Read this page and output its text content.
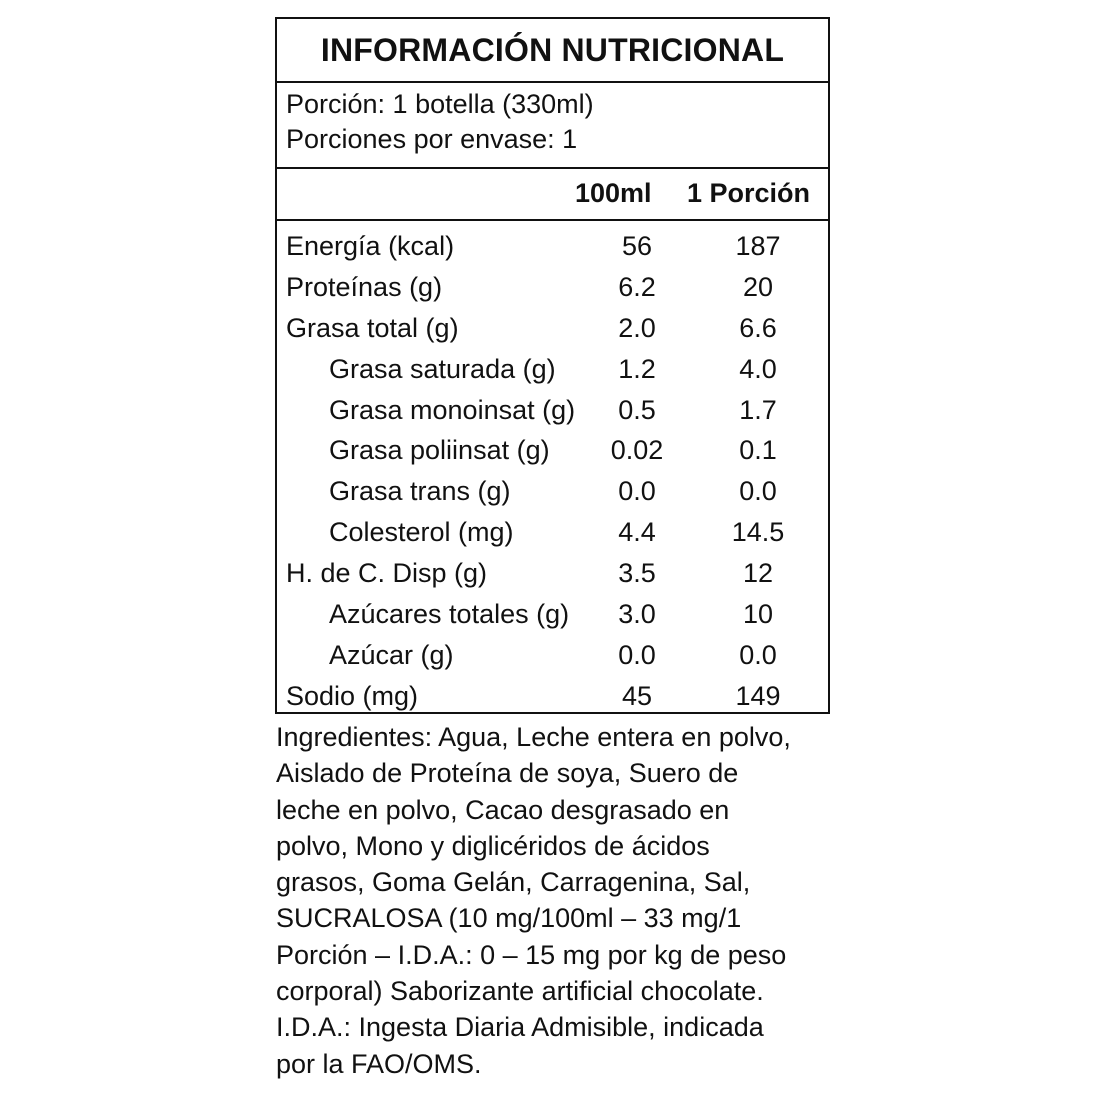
INFORMACIÓN NUTRICIONAL
Porción: 1 botella (330ml)
Porciones por envase: 1
100ml 1 Porción
Energía (kcal)	56	187
Proteínas (g)	6.2	20
Grasa total (g)	2.0	6.6
Grasa saturada (g)	1.2	4.0
Grasa monoinsat (g)	0.5	1.7
Grasa poliinsat (g)	0.02	0.1
Grasa trans (g)	0.0	0.0
Colesterol (mg)	4.4	14.5
H. de C. Disp (g)	3.5	12
Azúcares totales (g)	3.0	10
Azúcar (g)	0.0	0.0
Sodio (mg)	45	149
Ingredientes: Agua, Leche entera en polvo,
Aislado de Proteína de soya, Suero de
leche en polvo, Cacao desgrasado en
polvo, Mono y diglicéridos de ácidos
grasos, Goma Gelán, Carragenina, Sal,
SUCRALOSA (10 mg/100ml – 33 mg/1
Porción – I.D.A.: 0 – 15 mg por kg de peso
corporal) Saborizante artificial chocolate.
I.D.A.: Ingesta Diaria Admisible, indicada
por la FAO/OMS.
